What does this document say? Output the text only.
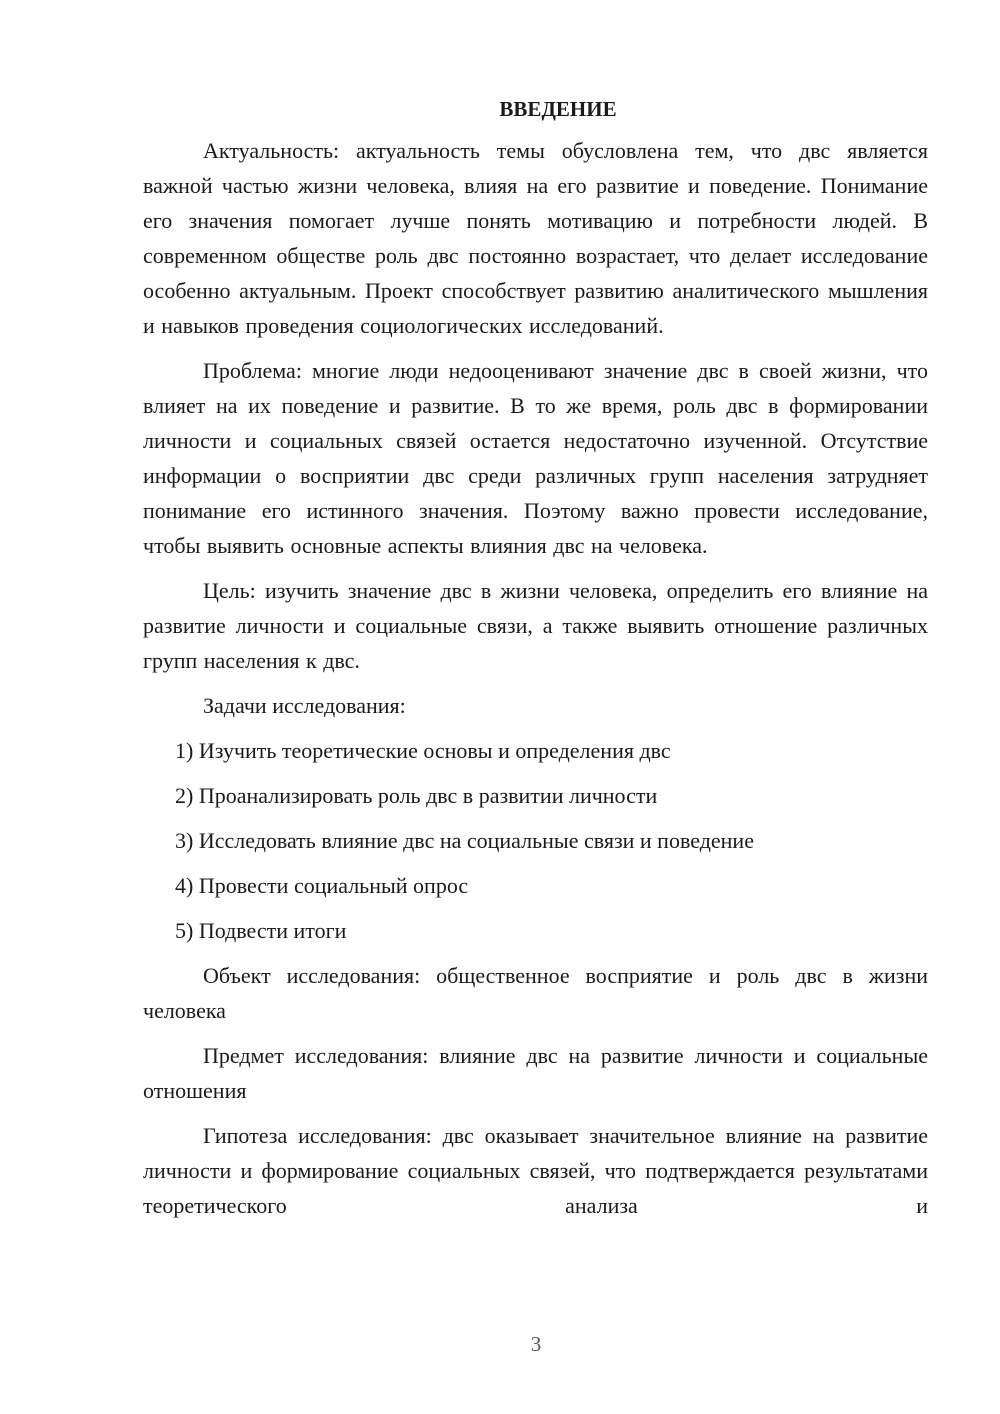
ВВЕДЕНИЕ

Актуальность: актуальность темы обусловлена тем, что двс является важной частью жизни человека, влияя на его развитие и поведение. Понимание его значения помогает лучше понять мотивацию и потребности людей. В современном обществе роль двс постоянно возрастает, что делает исследование особенно актуальным. Проект способствует развитию аналитического мышления и навыков проведения социологических исследований.

Проблема: многие люди недооценивают значение двс в своей жизни, что влияет на их поведение и развитие. В то же время, роль двс в формировании личности и социальных связей остается недостаточно изученной. Отсутствие информации о восприятии двс среди различных групп населения затрудняет понимание его истинного значения. Поэтому важно провести исследование, чтобы выявить основные аспекты влияния двс на человека.

Цель: изучить значение двс в жизни человека, определить его влияние на развитие личности и социальные связи, а также выявить отношение различных групп населения к двс.

Задачи исследования:

1) Изучить теоретические основы и определения двс
2) Проанализировать роль двс в развитии личности
3) Исследовать влияние двс на социальные связи и поведение
4) Провести социальный опрос
5) Подвести итоги

Объект исследования: общественное восприятие и роль двс в жизни человека

Предмет исследования: влияние двс на развитие личности и социальные отношения

Гипотеза исследования: двс оказывает значительное влияние на развитие личности и формирование социальных связей, что подтверждается результатами теоретического анализа и

3
